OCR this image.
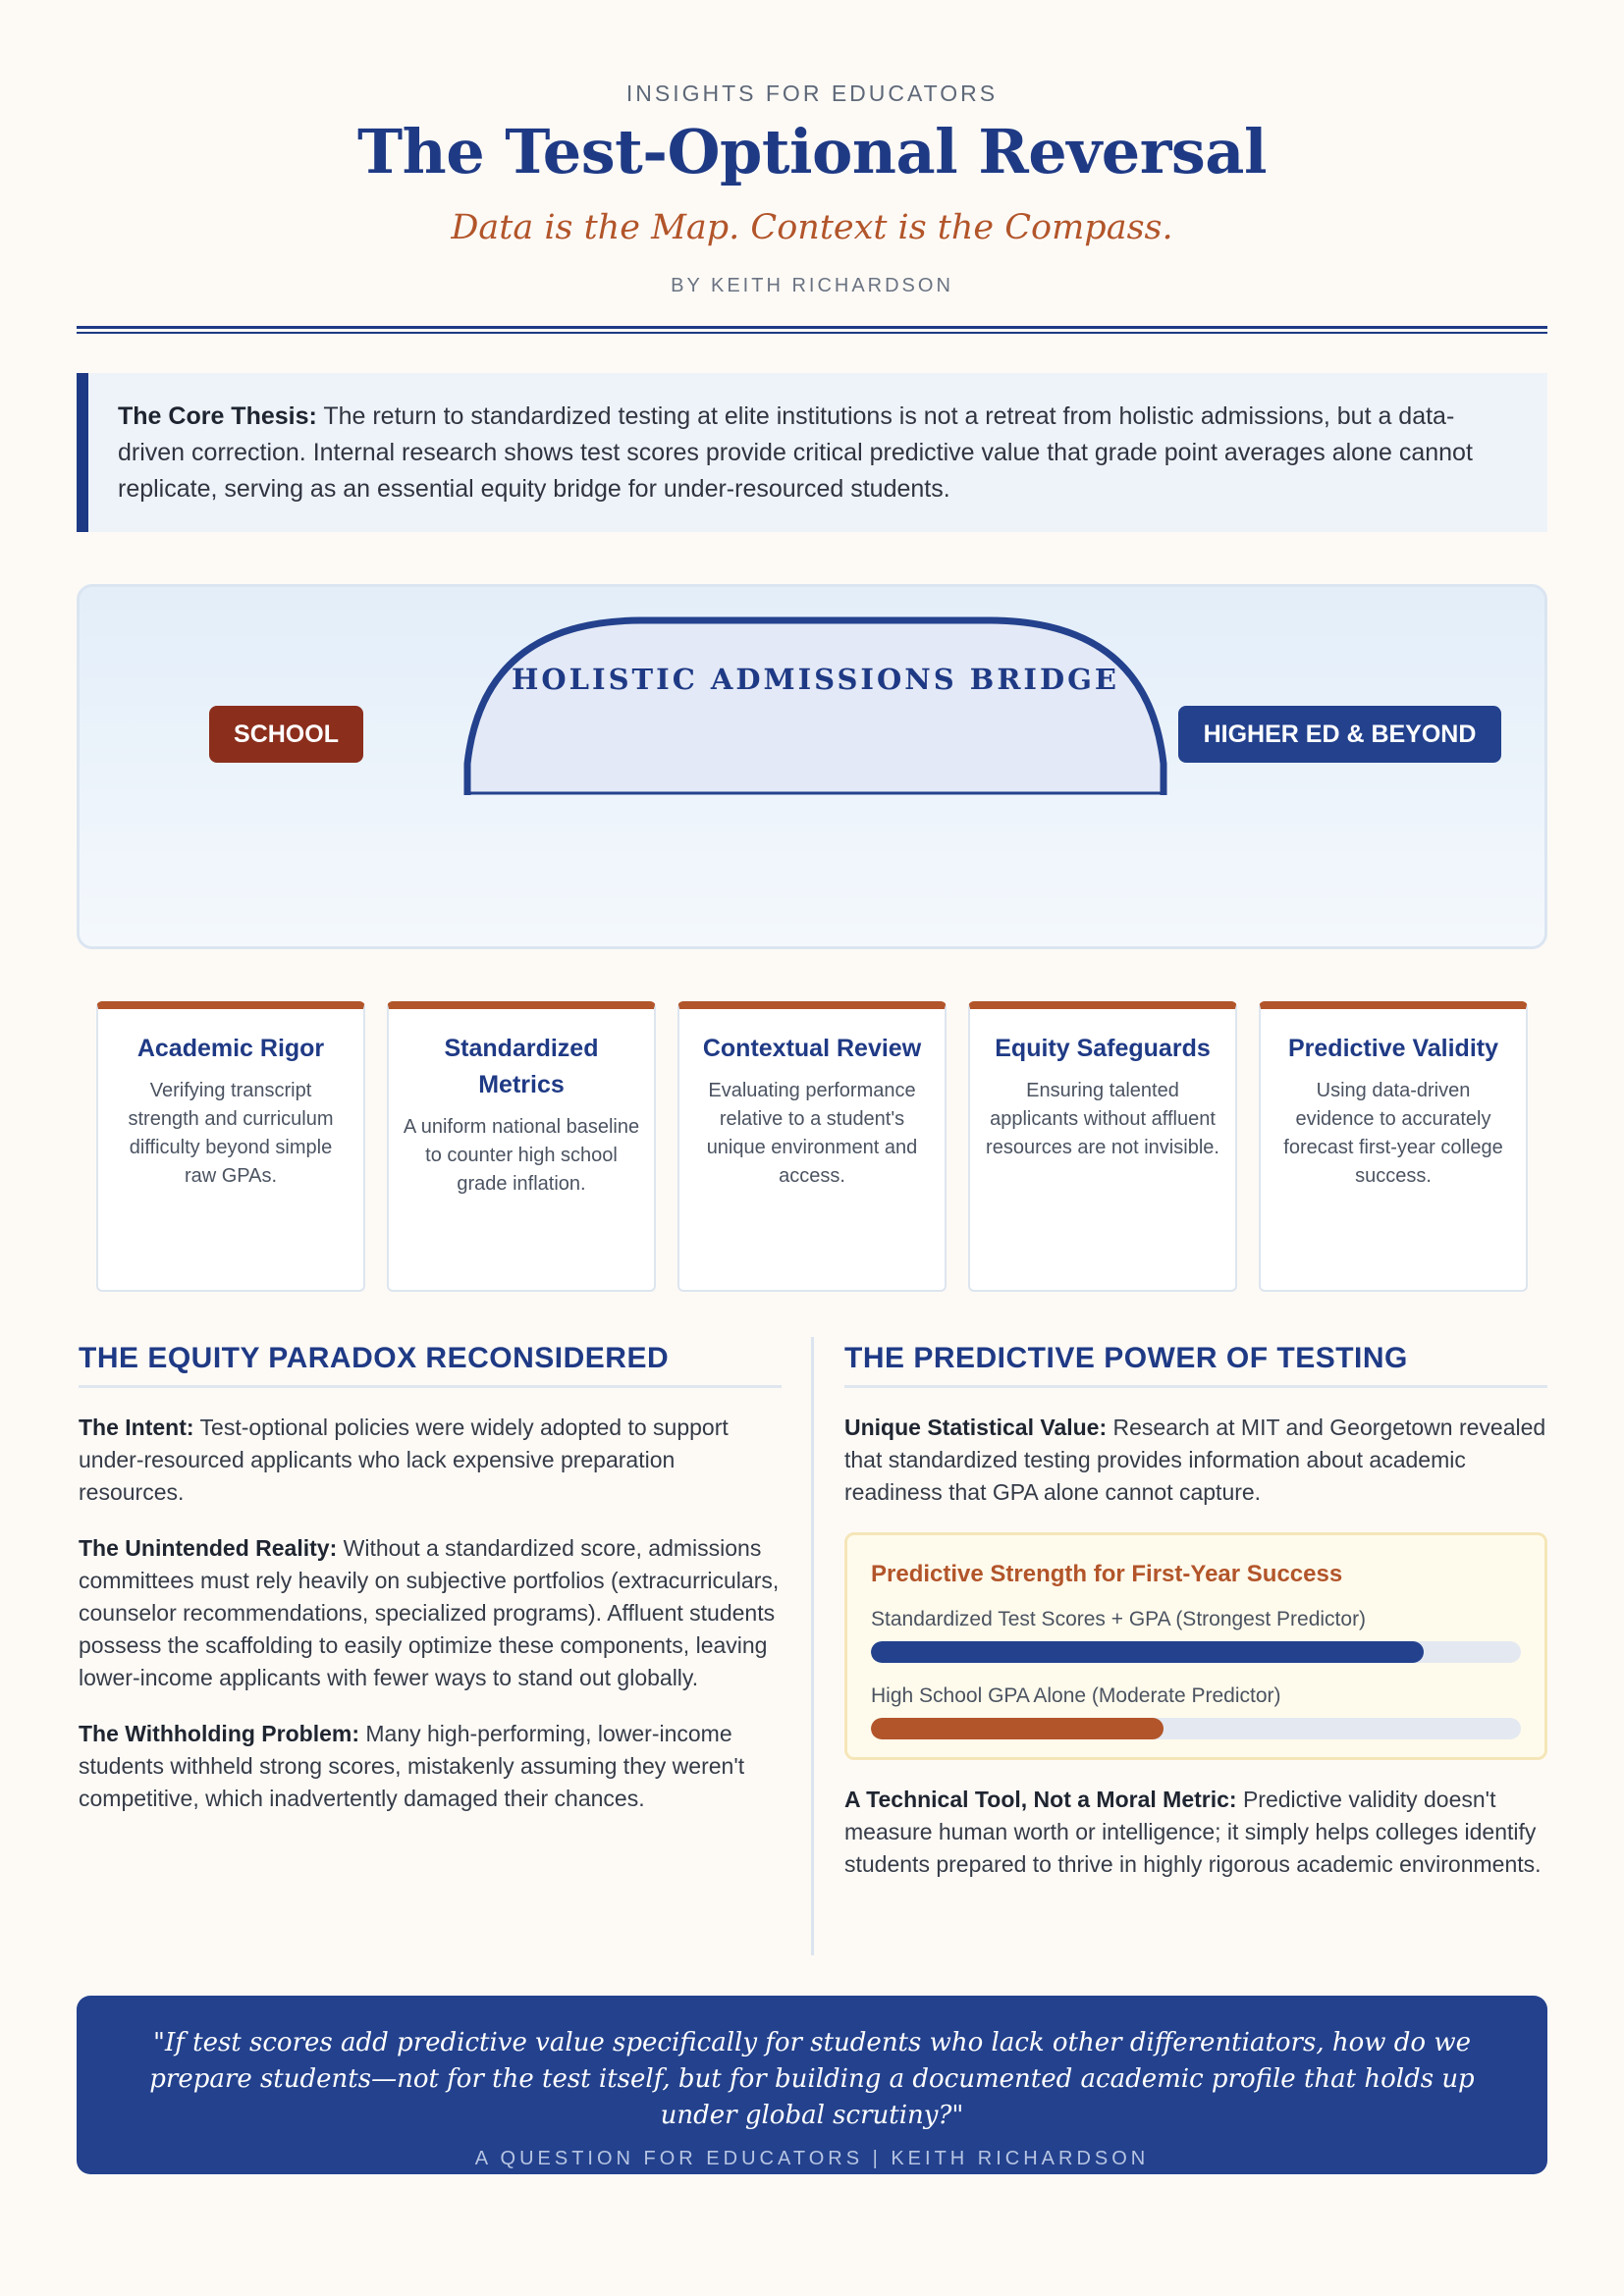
INSIGHTS FOR EDUCATORS
The Test-Optional Reversal
Data is the Map. Context is the Compass.
BY KEITH RICHARDSON
The Core Thesis: The return to standardized testing at elite institutions is not a retreat from holistic admissions, but a data-driven correction. Internal research shows test scores provide critical predictive value that grade point averages alone cannot replicate, serving as an essential equity bridge for under-resourced students.
SCHOOL
HOLISTIC ADMISSIONS BRIDGE
HIGHER ED & BEYOND
Academic Rigor
Verifying transcript strength and curriculum difficulty beyond simple raw GPAs.
Standardized Metrics
A uniform national baseline to counter high school grade inflation.
Contextual Review
Evaluating performance relative to a student's unique environment and access.
Equity Safeguards
Ensuring talented applicants without affluent resources are not invisible.
Predictive Validity
Using data-driven evidence to accurately forecast first-year college success.
THE EQUITY PARADOX RECONSIDERED
The Intent: Test-optional policies were widely adopted to support under-resourced applicants who lack expensive preparation resources.
The Unintended Reality: Without a standardized score, admissions committees must rely heavily on subjective portfolios (extracurriculars, counselor recommendations, specialized programs). Affluent students possess the scaffolding to easily optimize these components, leaving lower-income applicants with fewer ways to stand out globally.
The Withholding Problem: Many high-performing, lower-income students withheld strong scores, mistakenly assuming they weren't competitive, which inadvertently damaged their chances.
THE PREDICTIVE POWER OF TESTING
Unique Statistical Value: Research at MIT and Georgetown revealed that standardized testing provides information about academic readiness that GPA alone cannot capture.
Predictive Strength for First-Year Success
Standardized Test Scores + GPA (Strongest Predictor)
High School GPA Alone (Moderate Predictor)
A Technical Tool, Not a Moral Metric: Predictive validity doesn't measure human worth or intelligence; it simply helps colleges identify students prepared to thrive in highly rigorous academic environments.
"If test scores add predictive value specifically for students who lack other differentiators, how do we prepare students—not for the test itself, but for building a documented academic profile that holds up under global scrutiny?"
A QUESTION FOR EDUCATORS | KEITH RICHARDSON
